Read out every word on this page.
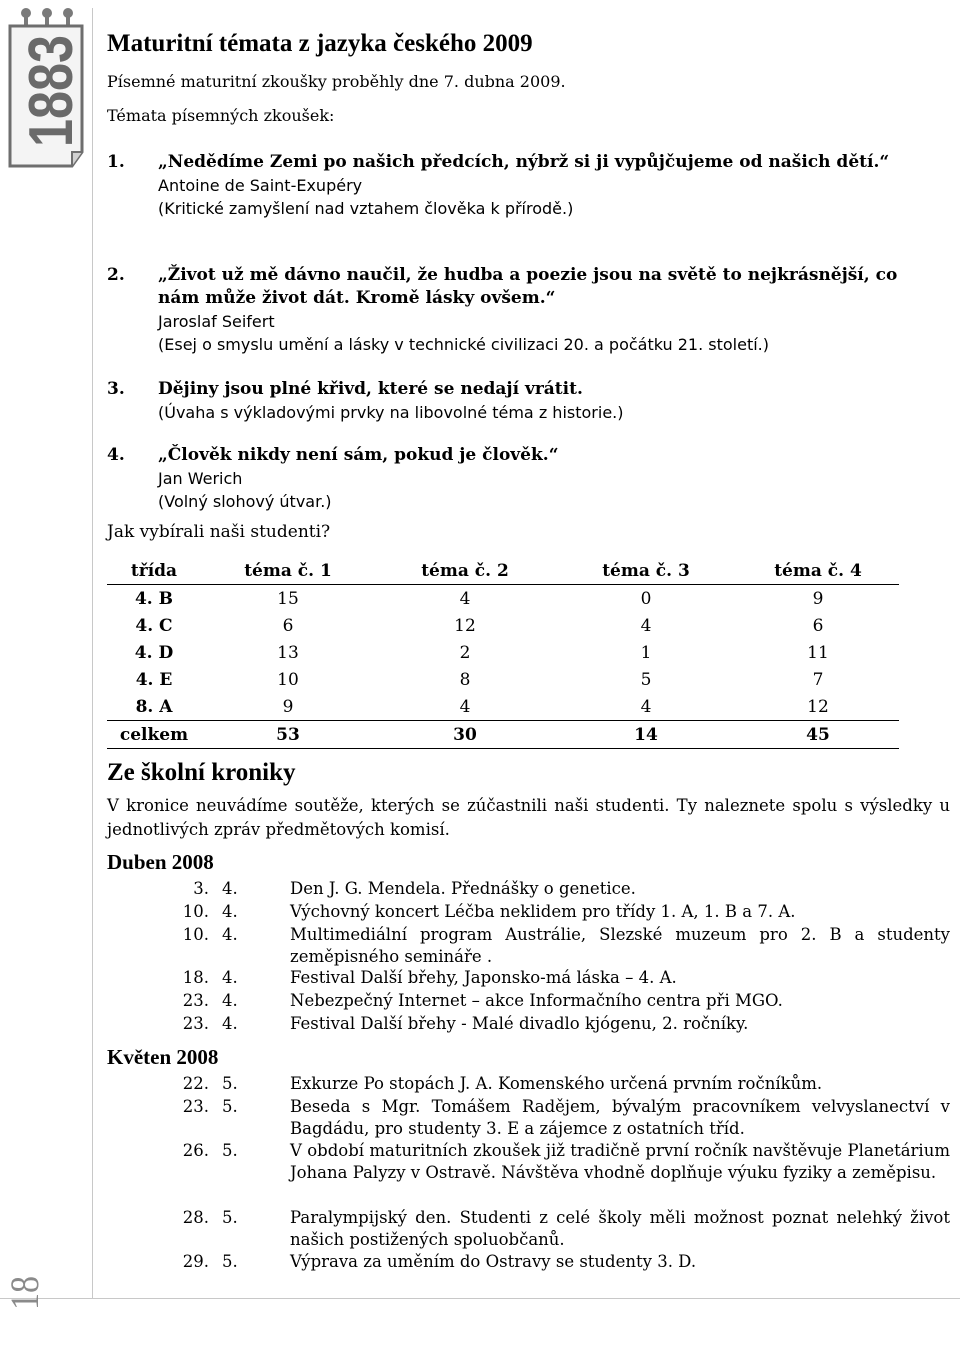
1883
18
Maturitní témata z jazyka českého 2009
Písemné maturitní zkoušky proběhly dne 7. dubna 2009.
Témata písemných zkoušek:
1. „Nedědíme Zemi po našich předcích, nýbrž si ji vypůjčujeme od našich dětí.“
Antoine de Saint-Exupéry
(Kritické zamyšlení nad vztahem člověka k přírodě.)
2. „Život už mě dávno naučil, že hudba a poezie jsou na světě to nejkrásnější, co nám může život dát. Kromě lásky ovšem.“
Jaroslaf Seifert
(Esej o smyslu umění a lásky v technické civilizaci 20. a počátku 21. století.)
3. Dějiny jsou plné křivd, které se nedají vrátit.
(Úvaha s výkladovými prvky na libovolné téma z historie.)
4. „Člověk nikdy není sám, pokud je člověk.“
Jan Werich
(Volný slohový útvar.)
Jak vybírali naši studenti?
třída	téma č. 1	téma č. 2	téma č. 3	téma č. 4
4. B	15	4	0	9
4. C	6	12	4	6
4. D	13	2	1	11
4. E	10	8	5	7
8. A	9	4	4	12
celkem	53	30	14	45
Ze školní kroniky
V kronice neuvádíme soutěže, kterých se zúčastnili naši studenti. Ty naleznete spolu s výsledky u jednotlivých zpráv předmětových komisí.
Duben 2008
3. 4.	Den J. G. Mendela. Přednášky o genetice.
10. 4.	Výchovný koncert Léčba neklidem pro třídy 1. A, 1. B a 7. A.
10. 4.	Multimediální program Austrálie, Slezské muzeum pro 2. B a studenty zeměpisného semináře .
18. 4.	Festival Další břehy, Japonsko-má láska – 4. A.
23. 4.	Nebezpečný Internet – akce Informačního centra při MGO.
23. 4.	Festival Další břehy - Malé divadlo kjógenu, 2. ročníky.
Květen 2008
22. 5.	Exkurze Po stopách J. A. Komenského určená prvním ročníkům.
23. 5.	Beseda s Mgr. Tomášem Radějem, bývalým pracovníkem velvyslanectví v Bagdádu, pro studenty 3. E a zájemce z ostatních tříd.
26. 5.	V období maturitních zkoušek již tradičně první ročník navštěvuje Planetárium Johana Palyzy v Ostravě. Návštěva vhodně doplňuje výuku fyziky a zeměpisu.
28. 5.	Paralympijský den. Studenti z celé školy měli možnost poznat nelehký život našich postižených spoluobčanů.
29. 5.	Výprava za uměním do Ostravy se studenty 3. D.
